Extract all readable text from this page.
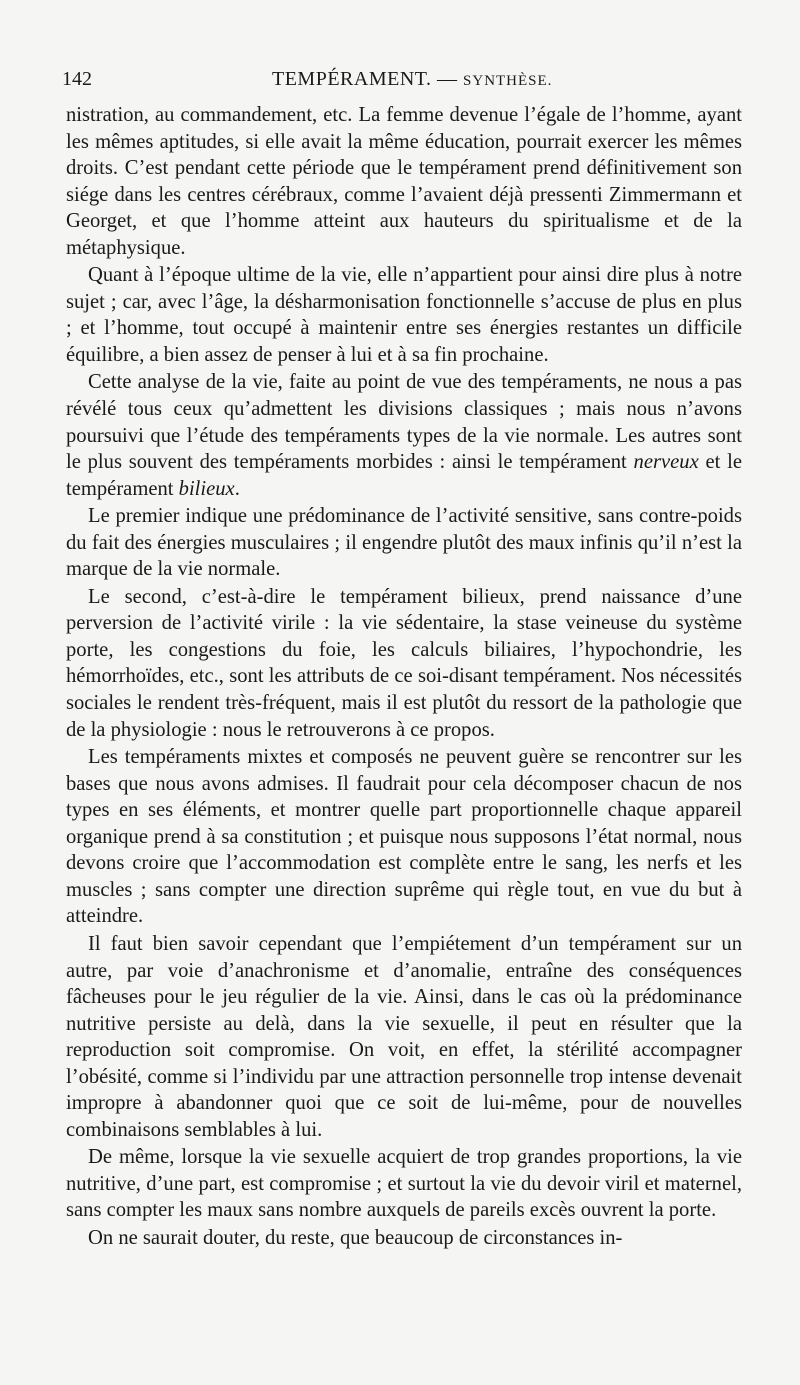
142	TEMPÉRAMENT. — SYNTHÈSE.

nistration, au commandement, etc. La femme devenue l’égale de l’homme, ayant les mêmes aptitudes, si elle avait la même éducation, pourrait exercer les mêmes droits. C’est pendant cette période que le tempérament prend définitivement son siége dans les centres cérébraux, comme l’avaient déjà pressenti Zimmermann et Georget, et que l’homme atteint aux hauteurs du spiritualisme et de la métaphysique.

Quant à l’époque ultime de la vie, elle n’appartient pour ainsi dire plus à notre sujet ; car, avec l’âge, la désharmonisation fonctionnelle s’accuse de plus en plus ; et l’homme, tout occupé à maintenir entre ses énergies restantes un difficile équilibre, a bien assez de penser à lui et à sa fin prochaine.

Cette analyse de la vie, faite au point de vue des tempéraments, ne nous a pas révélé tous ceux qu’admettent les divisions classiques ; mais nous n’avons poursuivi que l’étude des tempéraments types de la vie normale. Les autres sont le plus souvent des tempéraments morbides : ainsi le tempérament nerveux et le tempérament bilieux.

Le premier indique une prédominance de l’activité sensitive, sans contre-poids du fait des énergies musculaires ; il engendre plutôt des maux infinis qu’il n’est la marque de la vie normale.

Le second, c’est-à-dire le tempérament bilieux, prend naissance d’une perversion de l’activité virile : la vie sédentaire, la stase veineuse du système porte, les congestions du foie, les calculs biliaires, l’hypochondrie, les hémorrhoïdes, etc., sont les attributs de ce soi-disant tempérament. Nos nécessités sociales le rendent très-fréquent, mais il est plutôt du ressort de la pathologie que de la physiologie : nous le retrouverons à ce propos.

Les tempéraments mixtes et composés ne peuvent guère se rencontrer sur les bases que nous avons admises. Il faudrait pour cela décomposer chacun de nos types en ses éléments, et montrer quelle part proportionnelle chaque appareil organique prend à sa constitution ; et puisque nous supposons l’état normal, nous devons croire que l’accommodation est complète entre le sang, les nerfs et les muscles ; sans compter une direction suprême qui règle tout, en vue du but à atteindre.

Il faut bien savoir cependant que l’empiétement d’un tempérament sur un autre, par voie d’anachronisme et d’anomalie, entraîne des conséquences fâcheuses pour le jeu régulier de la vie. Ainsi, dans le cas où la prédominance nutritive persiste au delà, dans la vie sexuelle, il peut en résulter que la reproduction soit compromise. On voit, en effet, la stérilité accompagner l’obésité, comme si l’individu par une attraction personnelle trop intense devenait impropre à abandonner quoi que ce soit de lui-même, pour de nouvelles combinaisons semblables à lui.

De même, lorsque la vie sexuelle acquiert de trop grandes proportions, la vie nutritive, d’une part, est compromise ; et surtout la vie du devoir viril et maternel, sans compter les maux sans nombre auxquels de pareils excès ouvrent la porte.

On ne saurait douter, du reste, que beaucoup de circonstances in-
